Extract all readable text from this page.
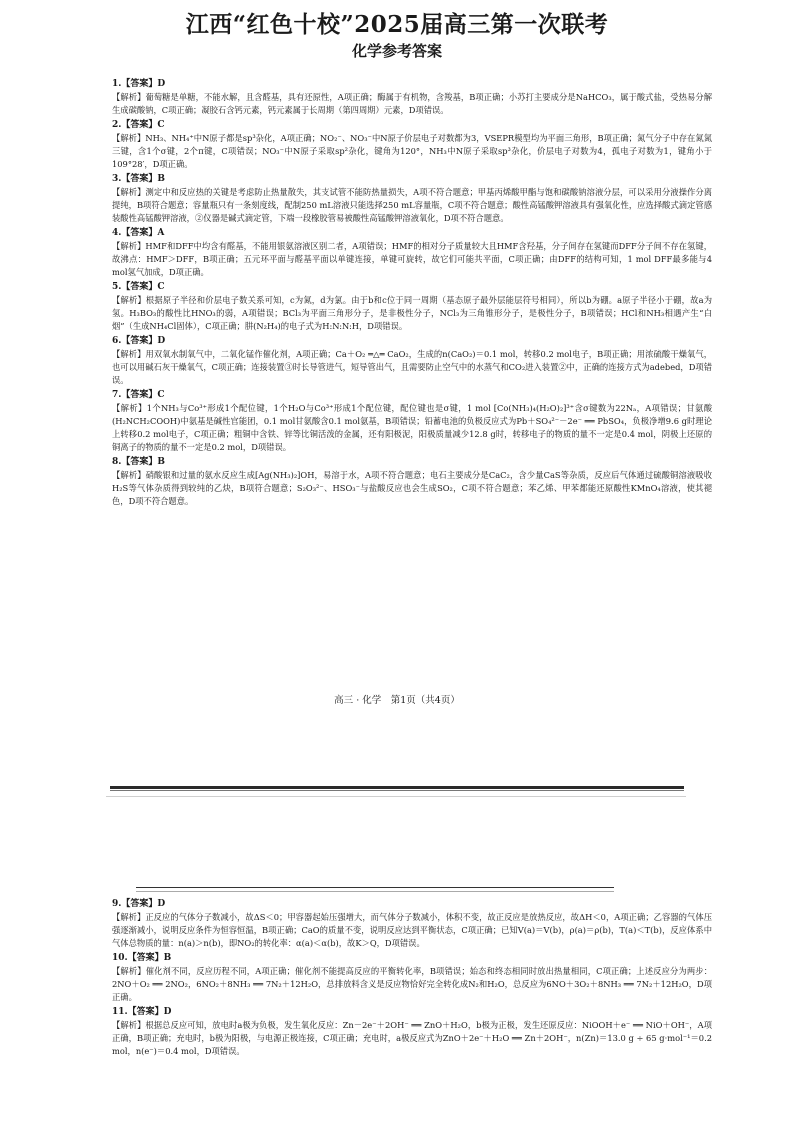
江西“红色十校”2025届高三第一次联考
化学参考答案
1.【答案】D
【解析】葡萄糖是单糖，不能水解，且含醛基，具有还原性，A项正确；酶属于有机物，含羧基，B项正确；小苏打主要成分是NaHCO₃，属于酸式盐，受热易分解生成碳酸钠，C项正确；凝胶石含钙元素，钙元素属于长周期（第四周期）元素，D项错误。
2.【答案】C
【解析】NH₃、NH₄⁺中N原子都是sp³杂化，A项正确；NO₂⁻、NO₃⁻中N原子价层电子对数都为3，VSEPR模型均为平面三角形，B项正确；氮气分子中存在氮氮三键，含1个σ键，2个π键，C项错误；NO₃⁻中N原子采取sp²杂化，键角为120°，NH₃中N原子采取sp³杂化，价层电子对数为4，孤电子对数为1，键角小于109°28′，D项正确。
3.【答案】B
【解析】测定中和反应热的关键是考虑防止热量散失，其支试管不能防热量损失，A项不符合题意；甲基丙烯酸甲酯与饱和碳酸钠溶液分层，可以采用分液操作分离提纯，B项符合题意；容量瓶只有一条刻度线，配制250 mL溶液只能选择250 mL容量瓶，C项不符合题意；酸性高锰酸钾溶液具有强氧化性，应选择酸式滴定管感装酸性高锰酸钾溶液，②仪器是碱式滴定管，下端一段橡胶管易被酸性高锰酸钾溶液氧化，D项不符合题意。
4.【答案】A
【解析】HMF和DFF中均含有醛基，不能用银氨溶液区别二者，A项错误；HMF的相对分子质量较大且HMF含羟基，分子间存在氢键而DFF分子间不存在氢键，故沸点：HMF＞DFF，B项正确；五元环平面与醛基平面以单键连接，单键可旋转，故它们可能共平面，C项正确；由DFF的结构可知，1 mol DFF最多能与4 mol氢气加成，D项正确。
5.【答案】C
【解析】根据原子半径和价层电子数关系可知，c为氮，d为氯。由于b和c位于同一周期（基态原子最外层能层符号相同），所以b为硼。a原子半径小于硼，故a为氢。H₃BO₃的酸性比HNO₃的弱，A项错误；BCl₃为平面三角形分子，是非极性分子，NCl₃为三角锥形分子，是极性分子，B项错误；HCl和NH₃相遇产生“白烟”（生成NH₄Cl固体），C项正确；肼(N₂H₄)的电子式为H:N:N:H，D项错误。
6.【答案】D
【解析】用双氧水制氧气中，二氧化锰作催化剂，A项正确；Ca＋O₂ ═△═ CaO₂，生成的n(CaO₂)＝0.1 mol，转移0.2 mol电子，B项正确；用浓硫酸干燥氧气，也可以用碱石灰干燥氧气，C项正确；连接装置③时长导管进气，短导管出气，且需要防止空气中的水蒸气和CO₂进入装置②中，正确的连接方式为adebed，D项错误。
7.【答案】C
【解析】1个NH₃与Co³⁺形成1个配位键，1个H₂O与Co³⁺形成1个配位键，配位键也是σ键，1 mol [Co(NH₃)₄(H₂O)₂]³⁺含σ键数为22Nₐ，A项错误；甘氨酸(H₂NCH₂COOH)中氨基是碱性官能团，0.1 mol甘氨酸含0.1 mol氨基，B项错误；铅蓄电池的负极反应式为Pb＋SO₄²⁻－2e⁻ ══ PbSO₄，负极净增9.6 g时理论上转移0.2 mol电子，C项正确；粗铜中含铁、锌等比铜活泼的金属，还有阳极泥，阳极质量减少12.8 g时，转移电子的物质的量不一定是0.4 mol，阴极上还原的铜离子的物质的量不一定是0.2 mol，D项错误。
8.【答案】B
【解析】硝酸银和过量的氨水反应生成[Ag(NH₃)₂]OH，易溶于水，A项不符合题意；电石主要成分是CaC₂，含少量CaS等杂质，反应后气体通过硫酸铜溶液吸收H₂S等气体杂质得到较纯的乙炔，B项符合题意；S₂O₃²⁻、HSO₃⁻与盐酸反应也会生成SO₂，C项不符合题意；苯乙烯、甲苯都能还原酸性KMnO₄溶液，使其褪色，D项不符合题意。
高三 · 化学　第1页（共4页）
9.【答案】D
【解析】正反应的气体分子数减小，故ΔS＜0；甲容器起始压强增大，而气体分子数减小，体积不变，故正反应是放热反应，故ΔH＜0，A项正确；乙容器的气体压强逐渐减小，说明反应条件为恒容恒温，B项正确；CaO的质量不变，说明反应达到平衡状态，C项正确；已知V(a)＝V(b)，ρ(a)＝ρ(b)，T(a)＜T(b)，反应体系中气体总物质的量：n(a)＞n(b)，即NO₂的转化率：α(a)＜α(b)，故K＞Q，D项错误。
10.【答案】B
【解析】催化剂不同，反应历程不同，A项正确；催化剂不能提高反应的平衡转化率，B项错误；始态和终态相同时放出热量相同，C项正确；上述反应分为两步：2NO＋O₂ ══ 2NO₂，6NO₂＋8NH₃ ══ 7N₂＋12H₂O，总排放料含义是反应物恰好完全转化成N₂和H₂O，总反应为6NO＋3O₂＋8NH₃ ══ 7N₂＋12H₂O，D项正确。
11.【答案】D
【解析】根据总反应可知，放电时a极为负极，发生氧化反应：Zn－2e⁻＋2OH⁻ ══ ZnO＋H₂O，b极为正极，发生还原反应：NiOOH＋e⁻ ══ NiO＋OH⁻，A项正确，B项正确；充电时，b极为阳极，与电源正极连接，C项正确；充电时，a极反应式为ZnO＋2e⁻＋H₂O ══ Zn＋2OH⁻，n(Zn)＝13.0 g ÷ 65 g·mol⁻¹＝0.2 mol，n(e⁻)＝0.4 mol，D项错误。
